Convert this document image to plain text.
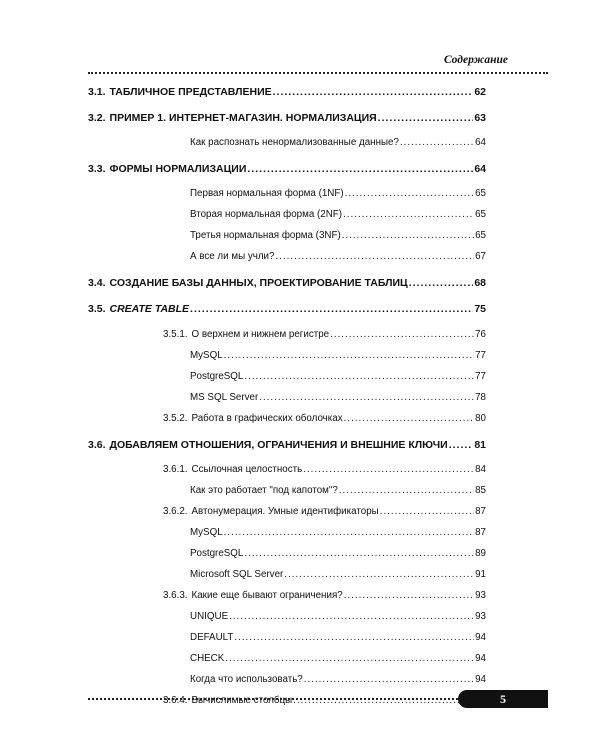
Содержание
3.1. ТАБЛИЧНОЕ ПРЕДСТАВЛЕНИЕ .....	62
3.2. ПРИМЕР 1. ИНТЕРНЕТ-МАГАЗИН. НОРМАЛИЗАЦИЯ .....	63
Как распознать ненормализованные данные? .....	64
3.3. ФОРМЫ НОРМАЛИЗАЦИИ .....	64
Первая нормальная форма (1NF) .....	65
Вторая нормальная форма (2NF) .....	65
Третья нормальная форма (3NF) .....	65
А все ли мы учли? .....	67
3.4. СОЗДАНИЕ БАЗЫ ДАННЫХ, ПРОЕКТИРОВАНИЕ ТАБЛИЦ .....	68
3.5. CREATE TABLE .....	75
3.5.1. О верхнем и нижнем регистре .....	76
MySQL .....	77
PostgreSQL .....	77
MS SQL Server .....	78
3.5.2. Работа в графических оболочках .....	80
3.6. ДОБАВЛЯЕМ ОТНОШЕНИЯ, ОГРАНИЧЕНИЯ И ВНЕШНИЕ КЛЮЧИ .....	81
3.6.1. Ссылочная целостность .....	84
Как это работает "под капотом"? .....	85
3.6.2. Автонумерация. Умные идентификаторы .....	87
MySQL .....	87
PostgreSQL .....	89
Microsoft SQL Server .....	91
3.6.3. Какие еще бывают ограничения? .....	93
UNIQUE .....	93
DEFAULT .....	94
CHECK .....	94
Когда что использовать? .....	94
3.6.4. Вычислимые столбцы .....	5
